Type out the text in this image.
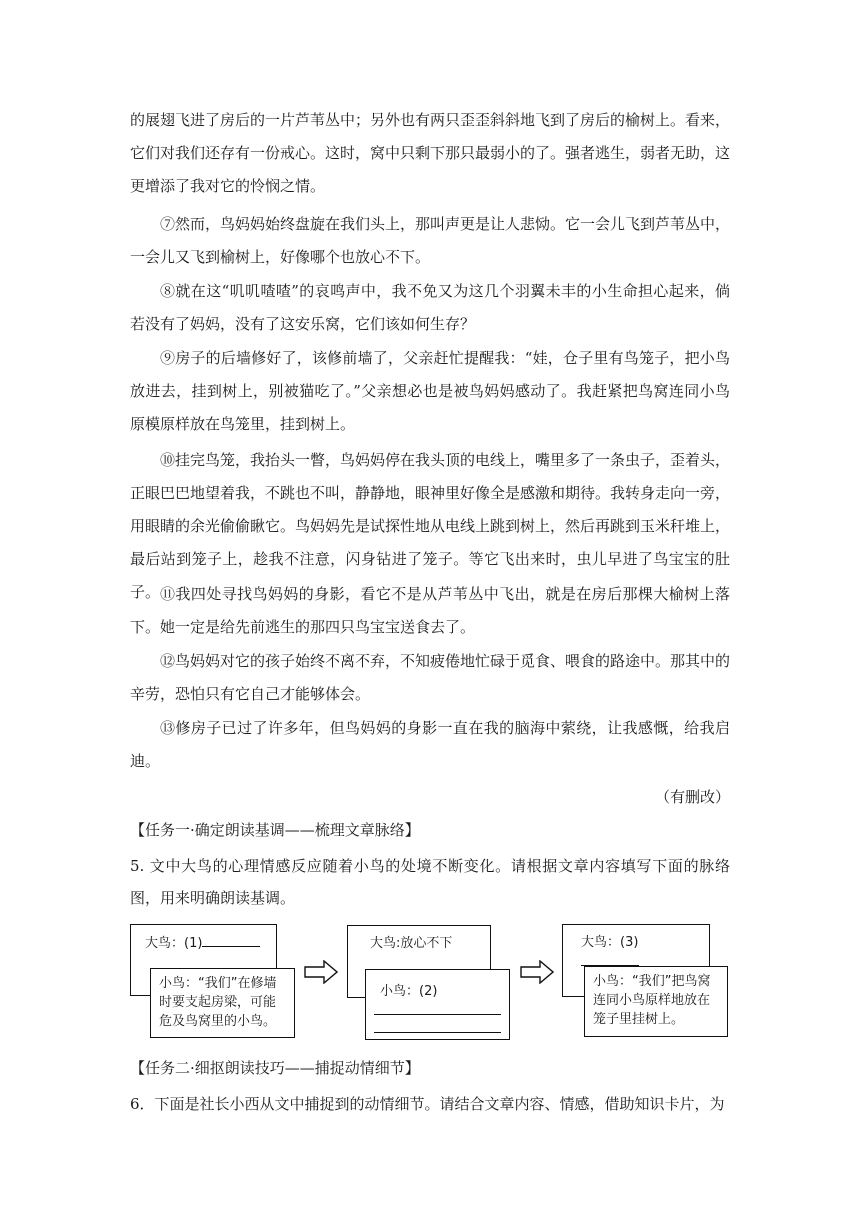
的展翅飞进了房后的一片芦苇丛中；另外也有两只歪歪斜斜地飞到了房后的榆树上。看来，它们对我们还存有一份戒心。这时，窝中只剩下那只最弱小的了。强者逃生，弱者无助，这更增添了我对它的怜悯之情。

⑦然而，鸟妈妈始终盘旋在我们头上，那叫声更是让人悲恸。它一会儿飞到芦苇丛中，一会儿又飞到榆树上，好像哪个也放心不下。

⑧就在这“叽叽喳喳”的哀鸣声中，我不免又为这几个羽翼未丰的小生命担心起来，倘若没有了妈妈，没有了这安乐窝，它们该如何生存？

⑨房子的后墙修好了，该修前墙了，父亲赶忙提醒我：“娃，仓子里有鸟笼子，把小鸟放进去，挂到树上，别被猫吃了。”父亲想必也是被鸟妈妈感动了。我赶紧把鸟窝连同小鸟原模原样放在鸟笼里，挂到树上。

⑩挂完鸟笼，我抬头一瞥，鸟妈妈停在我头顶的电线上，嘴里多了一条虫子，歪着头，正眼巴巴地望着我，不跳也不叫，静静地，眼神里好像全是感激和期待。我转身走向一旁，用眼睛的余光偷偷瞅它。鸟妈妈先是试探性地从电线上跳到树上，然后再跳到玉米秆堆上，最后站到笼子上，趁我不注意，闪身钻进了笼子。等它飞出来时，虫儿早进了鸟宝宝的肚子。 ⑪我四处寻找鸟妈妈的身影，看它不是从芦苇丛中飞出，就是在房后那棵大榆树上落下。她一定是给先前逃生的那四只鸟宝宝送食去了。

⑫鸟妈妈对它的孩子始终不离不弃，不知疲倦地忙碌于觅食、喂食的路途中。那其中的辛劳，恐怕只有它自己才能够体会。

⑬修房子已过了许多年，但鸟妈妈的身影一直在我的脑海中萦绕，让我感慨，给我启迪。

（有删改）
【任务一·确定朗读基调——梳理文章脉络】
5. 文中大鸟的心理情感反应随着小鸟的处境不断变化。请根据文章内容填写下面的脉络图，用来明确朗读基调。
大鸟：(1)
小鸟：“我们”在修墙时要支起房梁，可能危及鸟窝里的小鸟。
大鸟:放心不下
小鸟：(2)
大鸟：(3)
小鸟：“我们”把鸟窝连同小鸟原样地放在笼子里挂树上。
【任务二·细抠朗读技巧——捕捉动情细节】
6．下面是社长小西从文中捕捉到的动情细节。请结合文章内容、情感，借助知识卡片，为
